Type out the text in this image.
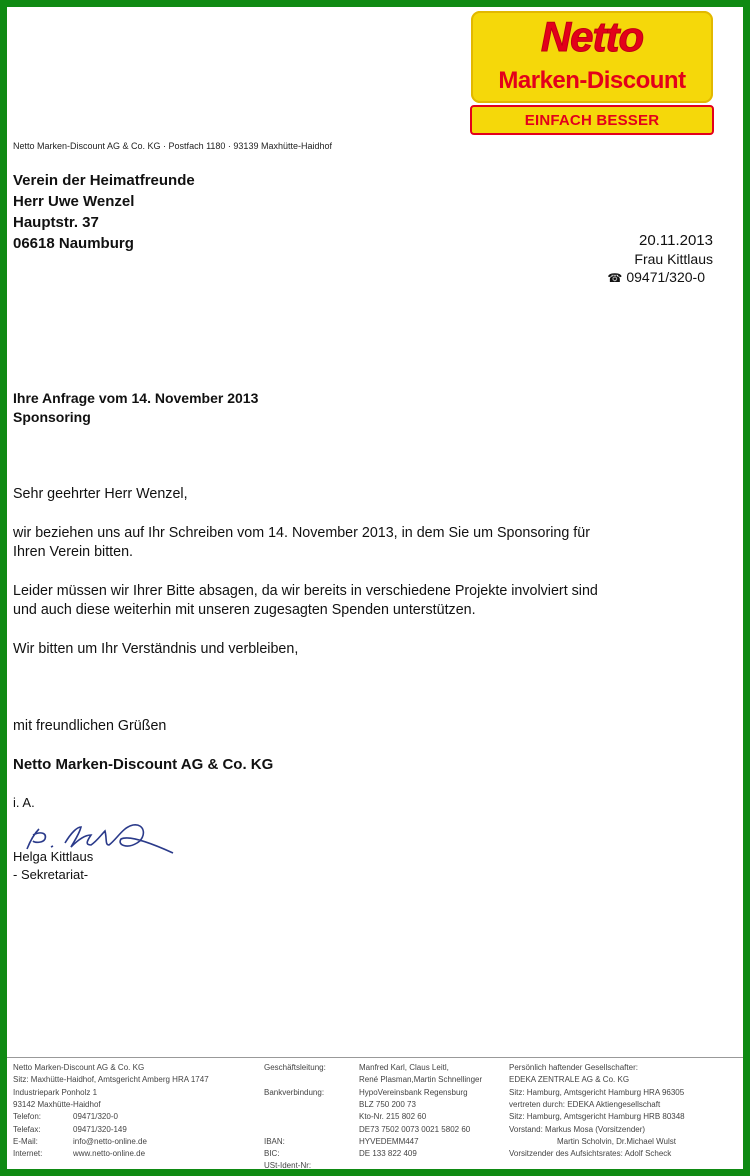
Netto
Marken-Discount
EINFACH BESSER
Netto Marken-Discount AG & Co. KG · Postfach 1180 · 93139 Maxhütte-Haidhof
Verein der Heimatfreunde
Herr Uwe Wenzel
Hauptstr. 37
06618 Naumburg	20.11.2013
Frau Kittlaus
☎ 09471/320-0
Ihre Anfrage vom 14. November 2013
Sponsoring
Sehr geehrter Herr Wenzel,
wir beziehen uns auf Ihr Schreiben vom 14. November 2013, in dem Sie um Sponsoring für
Ihren Verein bitten.
Leider müssen wir Ihrer Bitte absagen, da wir bereits in verschiedene Projekte involviert sind
und auch diese weiterhin mit unseren zugesagten Spenden unterstützen.
Wir bitten um Ihr Verständnis und verbleiben,
mit freundlichen Grüßen
Netto Marken-Discount AG & Co. KG
i. A.
Helga Kittlaus
- Sekretariat-
Netto Marken-Discount AG & Co. KG
Sitz: Maxhütte-Haidhof, Amtsgericht Amberg HRA 1747
Industriepark Ponholz 1
93142 Maxhütte-Haidhof
Telefon:
Telefax:
E-Mail:
Internet:
09471/320-0
09471/320-149
info@netto-online.de
www.netto-online.de
Geschäftsleitung:
Bankverbindung:
IBAN:
BIC:
USt-Ident-Nr:
Manfred Karl, Claus Leitl,
René Plasman,Martin Schnellinger
HypoVereinsbank Regensburg
BLZ 750 200 73
Kto-Nr. 215 802 60
DE73 7502 0073 0021 5802 60
HYVEDEMM447
DE 133 822 409
Persönlich haftender Gesellschafter:
EDEKA ZENTRALE AG & Co. KG
Sitz: Hamburg, Amtsgericht Hamburg HRA 96305
vertreten durch: EDEKA Aktiengesellschaft
Sitz: Hamburg, Amtsgericht Hamburg HRB 80348
Vorstand: Markus Mosa (Vorsitzender)
Martin Scholvin, Dr.Michael Wulst
Vorsitzender des Aufsichtsrates: Adolf Scheck
